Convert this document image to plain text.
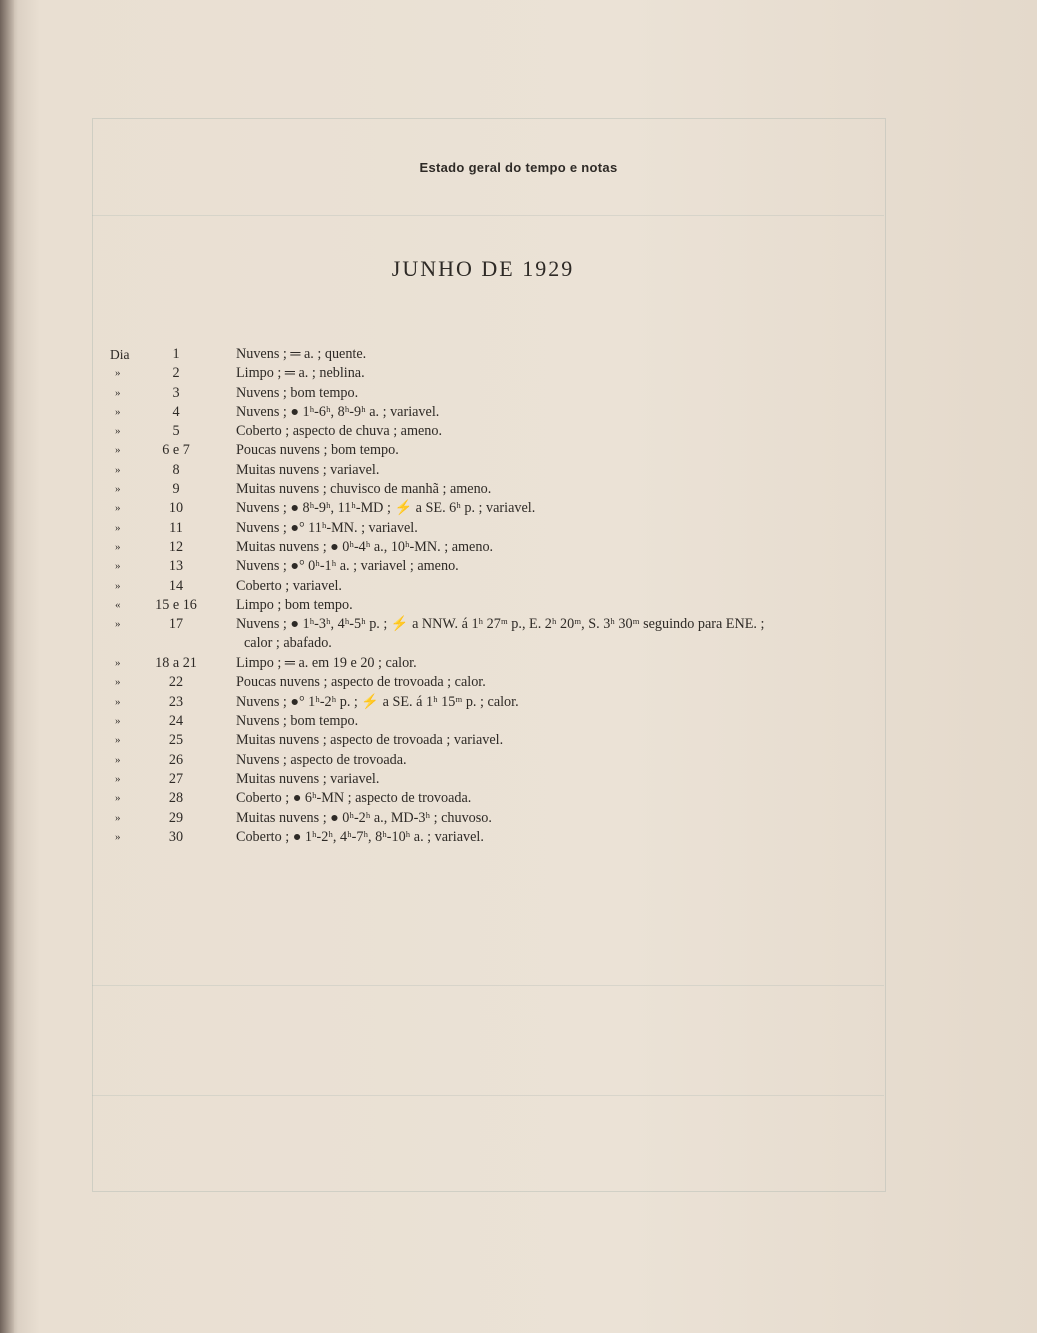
Estado geral do tempo e notas
JUNHO DE 1929
Dia	1	Nuvens ; ═ a. ; quente.
»	2	Limpo ; ═ a. ; neblina.
»	3	Nuvens ; bom tempo.
»	4	Nuvens ; ● 1ʰ-6ʰ, 8ʰ-9ʰ a. ; variavel.
»	5	Coberto ; aspecto de chuva ; ameno.
»	6 e 7	Poucas nuvens ; bom tempo.
»	8	Muitas nuvens ; variavel.
»	9	Muitas nuvens ; chuvisco de manhã ; ameno.
»	10	Nuvens ; ● 8ʰ-9ʰ, 11ʰ-MD ; ⚡ a SE. 6ʰ p. ; variavel.
»	11	Nuvens ; ●° 11ʰ-MN. ; variavel.
»	12	Muitas nuvens ; ● 0ʰ-4ʰ a., 10ʰ-MN. ; ameno.
»	13	Nuvens ; ●° 0ʰ-1ʰ a. ; variavel ; ameno.
»	14	Coberto ; variavel.
«	15 e 16	Limpo ; bom tempo.
»	17	Nuvens ; ● 1ʰ-3ʰ, 4ʰ-5ʰ p. ; ⚡ a NNW. á 1ʰ 27ᵐ p., E. 2ʰ 20ᵐ, S. 3ʰ 30ᵐ seguindo para ENE. ;
calor ; abafado.
»	18 a 21	Limpo ; ═ a. em 19 e 20 ; calor.
»	22	Poucas nuvens ; aspecto de trovoada ; calor.
»	23	Nuvens ; ●° 1ʰ-2ʰ p. ; ⚡ a SE. á 1ʰ 15ᵐ p. ; calor.
»	24	Nuvens ; bom tempo.
»	25	Muitas nuvens ; aspecto de trovoada ; variavel.
»	26	Nuvens ; aspecto de trovoada.
»	27	Muitas nuvens ; variavel.
»	28	Coberto ; ● 6ʰ-MN ; aspecto de trovoada.
»	29	Muitas nuvens ; ● 0ʰ-2ʰ a., MD-3ʰ ; chuvoso.
»	30	Coberto ; ● 1ʰ-2ʰ, 4ʰ-7ʰ, 8ʰ-10ʰ a. ; variavel.
